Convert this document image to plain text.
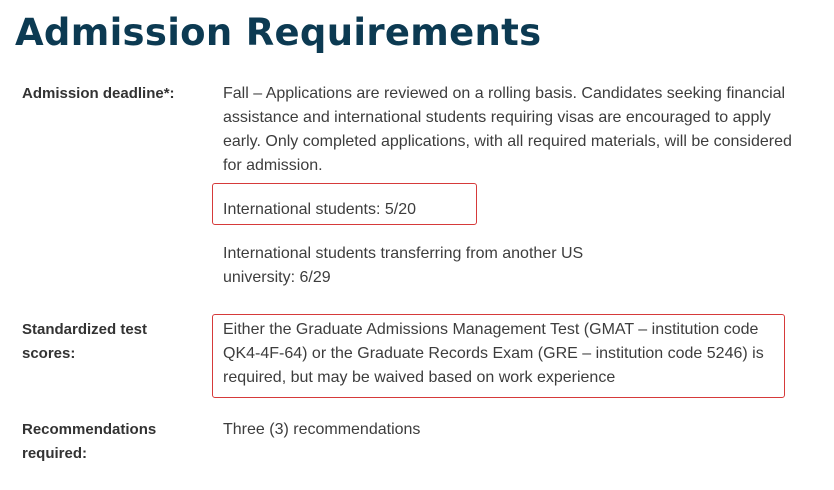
Admission Requirements
Admission deadline*:	Fall – Applications are reviewed on a rolling basis. Candidates seeking financial assistance and international students requiring visas are encouraged to apply early. Only completed applications, with all required materials, will be considered for admission.
International students: 5/20
International students transferring from another US university: 6/29
Standardized test scores:
Either the Graduate Admissions Management Test (GMAT – institution code QK4-4F-64) or the Graduate Records Exam (GRE – institution code 5246) is required, but may be waived based on work experience
Recommendations required:
Three (3) recommendations
